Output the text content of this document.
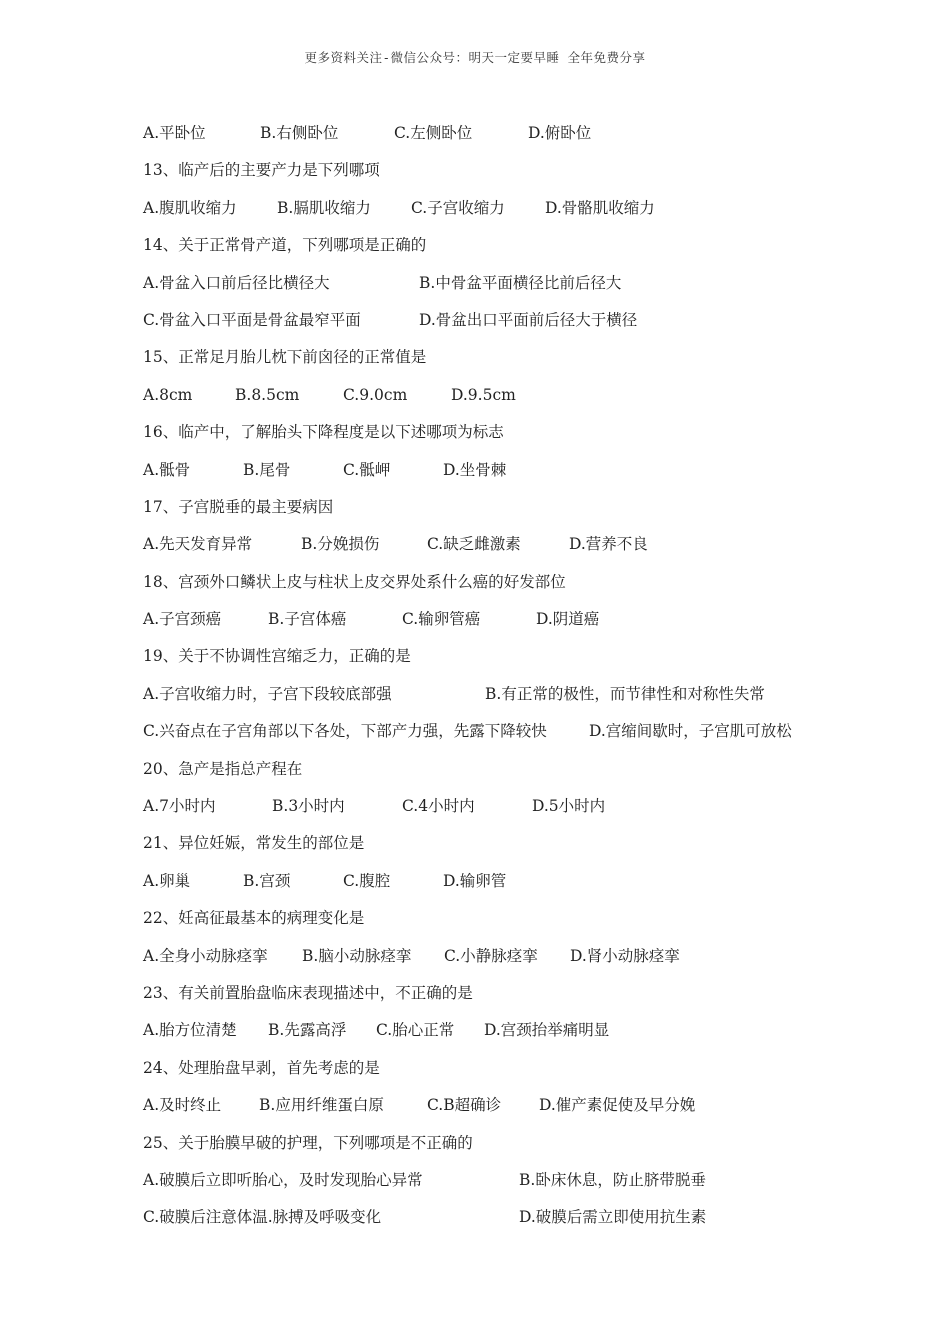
更多资料关注-微信公众号：明天一定要早睡 全年免费分享
A.平卧位	B.右侧卧位	C.左侧卧位	D.俯卧位
13、临产后的主要产力是下列哪项
A.腹肌收缩力	B.膈肌收缩力	C.子宫收缩力	D.骨骼肌收缩力
14、关于正常骨产道，下列哪项是正确的
A.骨盆入口前后径比横径大	B.中骨盆平面横径比前后径大
C.骨盆入口平面是骨盆最窄平面	D.骨盆出口平面前后径大于横径
15、正常足月胎儿枕下前囟径的正常值是
A.8cm	B.8.5cm	C.9.0cm	D.9.5cm
16、临产中，了解胎头下降程度是以下述哪项为标志
A.骶骨	B.尾骨	C.骶岬	D.坐骨棘
17、子宫脱垂的最主要病因
A.先天发育异常	B.分娩损伤	C.缺乏雌激素	D.营养不良
18、宫颈外口鳞状上皮与柱状上皮交界处系什么癌的好发部位
A.子宫颈癌	B.子宫体癌	C.输卵管癌	D.阴道癌
19、关于不协调性宫缩乏力，正确的是
A.子宫收缩力时，子宫下段较底部强	B.有正常的极性，而节律性和对称性失常
C.兴奋点在子宫角部以下各处，下部产力强，先露下降较快	D.宫缩间歇时，子宫肌可放松
20、急产是指总产程在
A.7小时内	B.3小时内	C.4小时内	D.5小时内
21、异位妊娠，常发生的部位是
A.卵巢	B.宫颈	C.腹腔	D.输卵管
22、妊高征最基本的病理变化是
A.全身小动脉痉挛 B.脑小动脉痉挛 C.小静脉痉挛 D.肾小动脉痉挛
23、有关前置胎盘临床表现描述中，不正确的是
A.胎方位清楚 B.先露高浮 C.胎心正常 D.宫颈抬举痛明显
24、处理胎盘早剥，首先考虑的是
A.及时终止 B.应用纤维蛋白原	C.B超确诊 D.催产素促使及早分娩
25、关于胎膜早破的护理，下列哪项是不正确的
A.破膜后立即听胎心，及时发现胎心异常	B.卧床休息，防止脐带脱垂
C.破膜后注意体温.脉搏及呼吸变化	D.破膜后需立即使用抗生素
